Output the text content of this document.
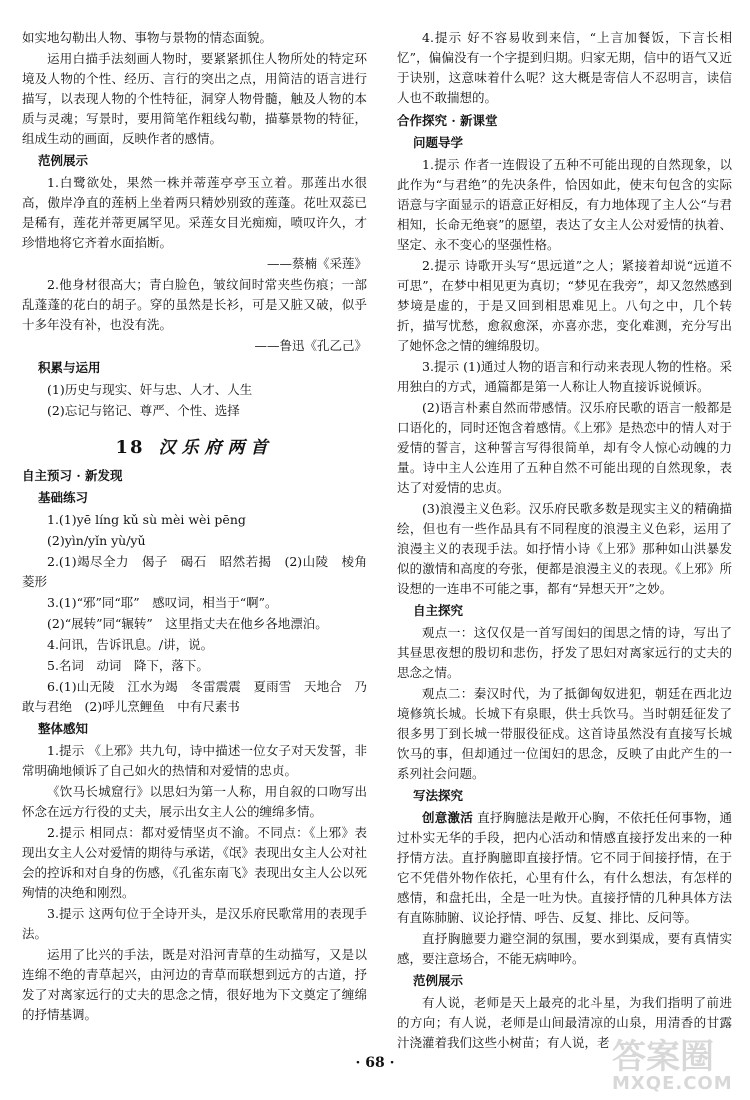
如实地勾勒出人物、事物与景物的情态面貌。

运用白描手法刻画人物时，要紧紧抓住人物所处的特定环境及人物的个性、经历、言行的突出之点，用简洁的语言进行描写，以表现人物的个性特征，洞穿人物骨髓，触及人物的本质与灵魂；写景时，要用简笔作粗线勾勒，描摹景物的特征，组成生动的画面，反映作者的感情。

范例展示

1.白鹭欲处，果然一株并蒂莲亭亭玉立着。那莲出水很高，傲岸净直的莲柄上坐着两只精妙别致的莲蓬。花吐双蕊已是稀有，莲花并蒂更属罕见。采莲女目光痴痴，喷叹许久，才珍惜地将它齐着水面掐断。

——蔡楠《采莲》

2.他身材很高大；青白脸色，皱纹间时常夹些伤痕；一部乱蓬蓬的花白的胡子。穿的虽然是长衫，可是又脏又破，似乎十多年没有补，也没有洗。

——鲁迅《孔乙己》

积累与运用

(1)历史与现实、奸与忠、人才、人生

(2)忘记与铭记、尊严、个性、选择

18 汉乐府两首
自主预习 · 新发现
基础练习

1.(1)yē líng kǔ sù mèi wèi pēng

(2)yìn/yǐn yù/yǔ

2.(1)竭尽全力　偈子　碣石　昭然若揭　(2)山陵　棱角　菱形

3.(1)“邪”同“耶”　感叹词，相当于“啊”。

(2)“展转”同“辗转”　这里指丈夫在他乡各地漂泊。

4.问讯，告诉讯息。/讲，说。

5.名词　动词　降下，落下。

6.(1)山无陵　江水为竭　冬雷震震　夏雨雪　天地合　乃敢与君绝　(2)呼儿烹鲤鱼　中有尺素书

整体感知

1.提示 《上邪》共九句，诗中描述一位女子对天发誓，非常明确地倾诉了自己如火的热情和对爱情的忠贞。

《饮马长城窟行》以思妇为第一人称，用自叙的口吻写出怀念在远方行役的丈夫，展示出女主人公的缠绵多情。

2.提示 相同点：都对爱情坚贞不渝。不同点：《上邪》表现出女主人公对爱情的期待与承诺，《氓》表现出女主人公对社会的控诉和对自身的伤感，《孔雀东南飞》表现出女主人公以死殉情的决绝和刚烈。

3.提示 这两句位于全诗开头，是汉乐府民歌常用的表现手法。

运用了比兴的手法，既是对沿河青草的生动描写，又是以连绵不绝的青草起兴，由河边的青草而联想到远方的古道，抒发了对离家远行的丈夫的思念之情，很好地为下文奠定了缠绵的抒情基调。

4.提示 好不容易收到来信，“上言加餐饭，下言长相忆”，偏偏没有一个字提到归期。归家无期，信中的语气又近于诀别，这意味着什么呢？这大概是寄信人不忍明言，读信人也不敢揣想的。

合作探究 · 新课堂
问题导学

1.提示 作者一连假设了五种不可能出现的自然现象，以此作为“与君绝”的先决条件，恰因如此，使末句包含的实际语意与字面显示的语意正好相反，有力地体现了主人公“与君相知，长命无绝衰”的愿望，表达了女主人公对爱情的执着、坚定、永不变心的坚强性格。

2.提示 诗歌开头写“思远道”之人；紧接着却说“远道不可思”，在梦中相见更为真切；“梦见在我旁”，却又忽然感到梦境是虚的，于是又回到相思难见上。八句之中，几个转折，描写忧愁，愈叙愈深，亦喜亦悲，变化难测，充分写出了她怀念之情的缠绵殷切。

3.提示 (1)通过人物的语言和行动来表现人物的性格。采用独白的方式，通篇都是第一人称让人物直接诉说倾诉。

(2)语言朴素自然而带感情。汉乐府民歌的语言一般都是口语化的，同时还饱含着感情。《上邪》是热恋中的情人对于爱情的誓言，这种誓言写得很简单，却有令人惊心动魄的力量。诗中主人公连用了五种自然不可能出现的自然现象，表达了对爱情的忠贞。

(3)浪漫主义色彩。汉乐府民歌多数是现实主义的精确描绘，但也有一些作品具有不同程度的浪漫主义色彩，运用了浪漫主义的表现手法。如抒情小诗《上邪》那种如山洪暴发似的激情和高度的夸张，便都是浪漫主义的表现。《上邪》所设想的一连串不可能之事，都有“异想天开”之妙。

自主探究

观点一：这仅仅是一首写闺妇的闺思之情的诗，写出了其昼思夜想的殷切和悲伤，抒发了思妇对离家远行的丈夫的思念之情。

观点二：秦汉时代，为了抵御匈奴进犯，朝廷在西北边境修筑长城。长城下有泉眼，供士兵饮马。当时朝廷征发了很多男丁到长城一带服役征戍。这首诗虽然没有直接写长城饮马的事，但却通过一位闺妇的思念，反映了由此产生的一系列社会问题。

写法探究

创意激活 直抒胸臆法是敞开心胸，不依托任何事物，通过朴实无华的手段，把内心活动和情感直接抒发出来的一种抒情方法。直抒胸臆即直接抒情。它不同于间接抒情，在于它不凭借外物作依托，心里有什么，有什么想法，有怎样的感情，和盘托出，全是一吐为快。直接抒情的几种具体方法有直陈肺腑、议论抒情、呼告、反复、排比、反问等。

直抒胸臆要力避空洞的氛围，要水到渠成，要有真情实感，要注意场合，不能无病呻吟。

范例展示

有人说，老师是天上最亮的北斗星，为我们指明了前进的方向；有人说，老师是山间最清凉的山泉，用清香的甘露汁浇灌着我们这些小树苗；有人说，老

· 68 ·	答案圈
MXQE.COM
